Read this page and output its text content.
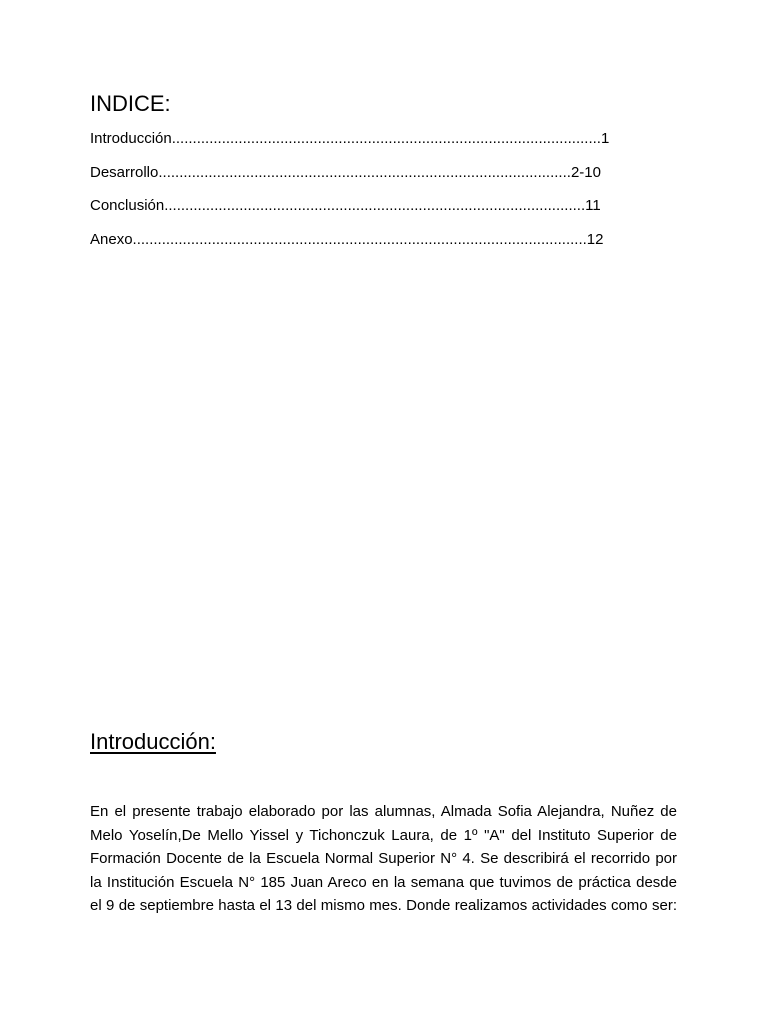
INDICE:
Introducción.......................................................................................................1
Desarrollo...................................................................................................2-10
Conclusión.....................................................................................................11
Anexo.............................................................................................................12
Introducción:

En el presente trabajo elaborado por las alumnas, Almada Sofia Alejandra, Nuñez de Melo Yoselín,De Mello Yissel y Tichonczuk Laura, de 1º "A" del Instituto Superior de Formación Docente de la Escuela Normal Superior N° 4. Se describirá el recorrido por la Institución Escuela N° 185 Juan Areco en la semana que tuvimos de práctica desde el 9 de septiembre hasta el 13 del mismo mes. Donde realizamos actividades como ser:
